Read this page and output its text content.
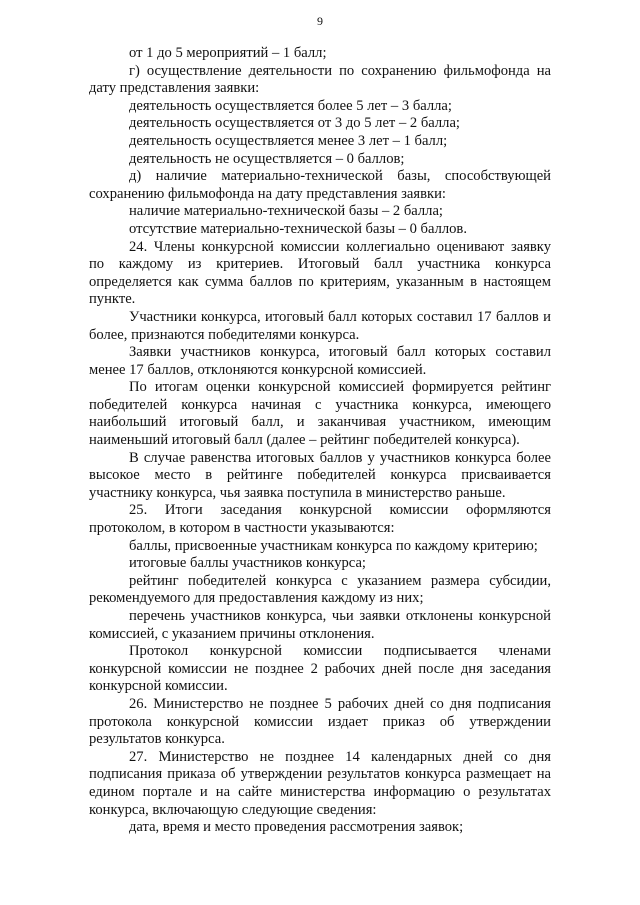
9

от 1 до 5 мероприятий – 1 балл;

г) осуществление деятельности по сохранению фильмофонда на дату представления заявки:

деятельность осуществляется более 5 лет – 3 балла;

деятельность осуществляется от 3 до 5 лет – 2 балла;

деятельность осуществляется менее 3 лет – 1 балл;

деятельность не осуществляется – 0 баллов;

д) наличие материально-технической базы, способствующей сохранению фильмофонда на дату представления заявки:

наличие материально-технической базы – 2 балла;

отсутствие материально-технической базы – 0 баллов.

24. Члены конкурсной комиссии коллегиально оценивают заявку по каждому из критериев. Итоговый балл участника конкурса определяется как сумма баллов по критериям, указанным в настоящем пункте.

Участники конкурса, итоговый балл которых составил 17 баллов и более, признаются победителями конкурса.

Заявки участников конкурса, итоговый балл которых составил менее 17 баллов, отклоняются конкурсной комиссией.

По итогам оценки конкурсной комиссией формируется рейтинг победителей конкурса начиная с участника конкурса, имеющего наибольший итоговый балл, и заканчивая участником, имеющим наименьший итоговый балл (далее – рейтинг победителей конкурса).

В случае равенства итоговых баллов у участников конкурса более высокое место в рейтинге победителей конкурса присваивается участнику конкурса, чья заявка поступила в министерство раньше.

25. Итоги заседания конкурсной комиссии оформляются протоколом, в котором в частности указываются:

баллы, присвоенные участникам конкурса по каждому критерию;

итоговые баллы участников конкурса;

рейтинг победителей конкурса с указанием размера субсидии, рекомендуемого для предоставления каждому из них;

перечень участников конкурса, чьи заявки отклонены конкурсной комиссией, с указанием причины отклонения.

Протокол конкурсной комиссии подписывается членами конкурсной комиссии не позднее 2 рабочих дней после дня заседания конкурсной комиссии.

26. Министерство не позднее 5 рабочих дней со дня подписания протокола конкурсной комиссии издает приказ об утверждении результатов конкурса.

27. Министерство не позднее 14 календарных дней со дня подписания приказа об утверждении результатов конкурса размещает на едином портале и на сайте министерства информацию о результатах конкурса, включающую следующие сведения:

дата, время и место проведения рассмотрения заявок;
